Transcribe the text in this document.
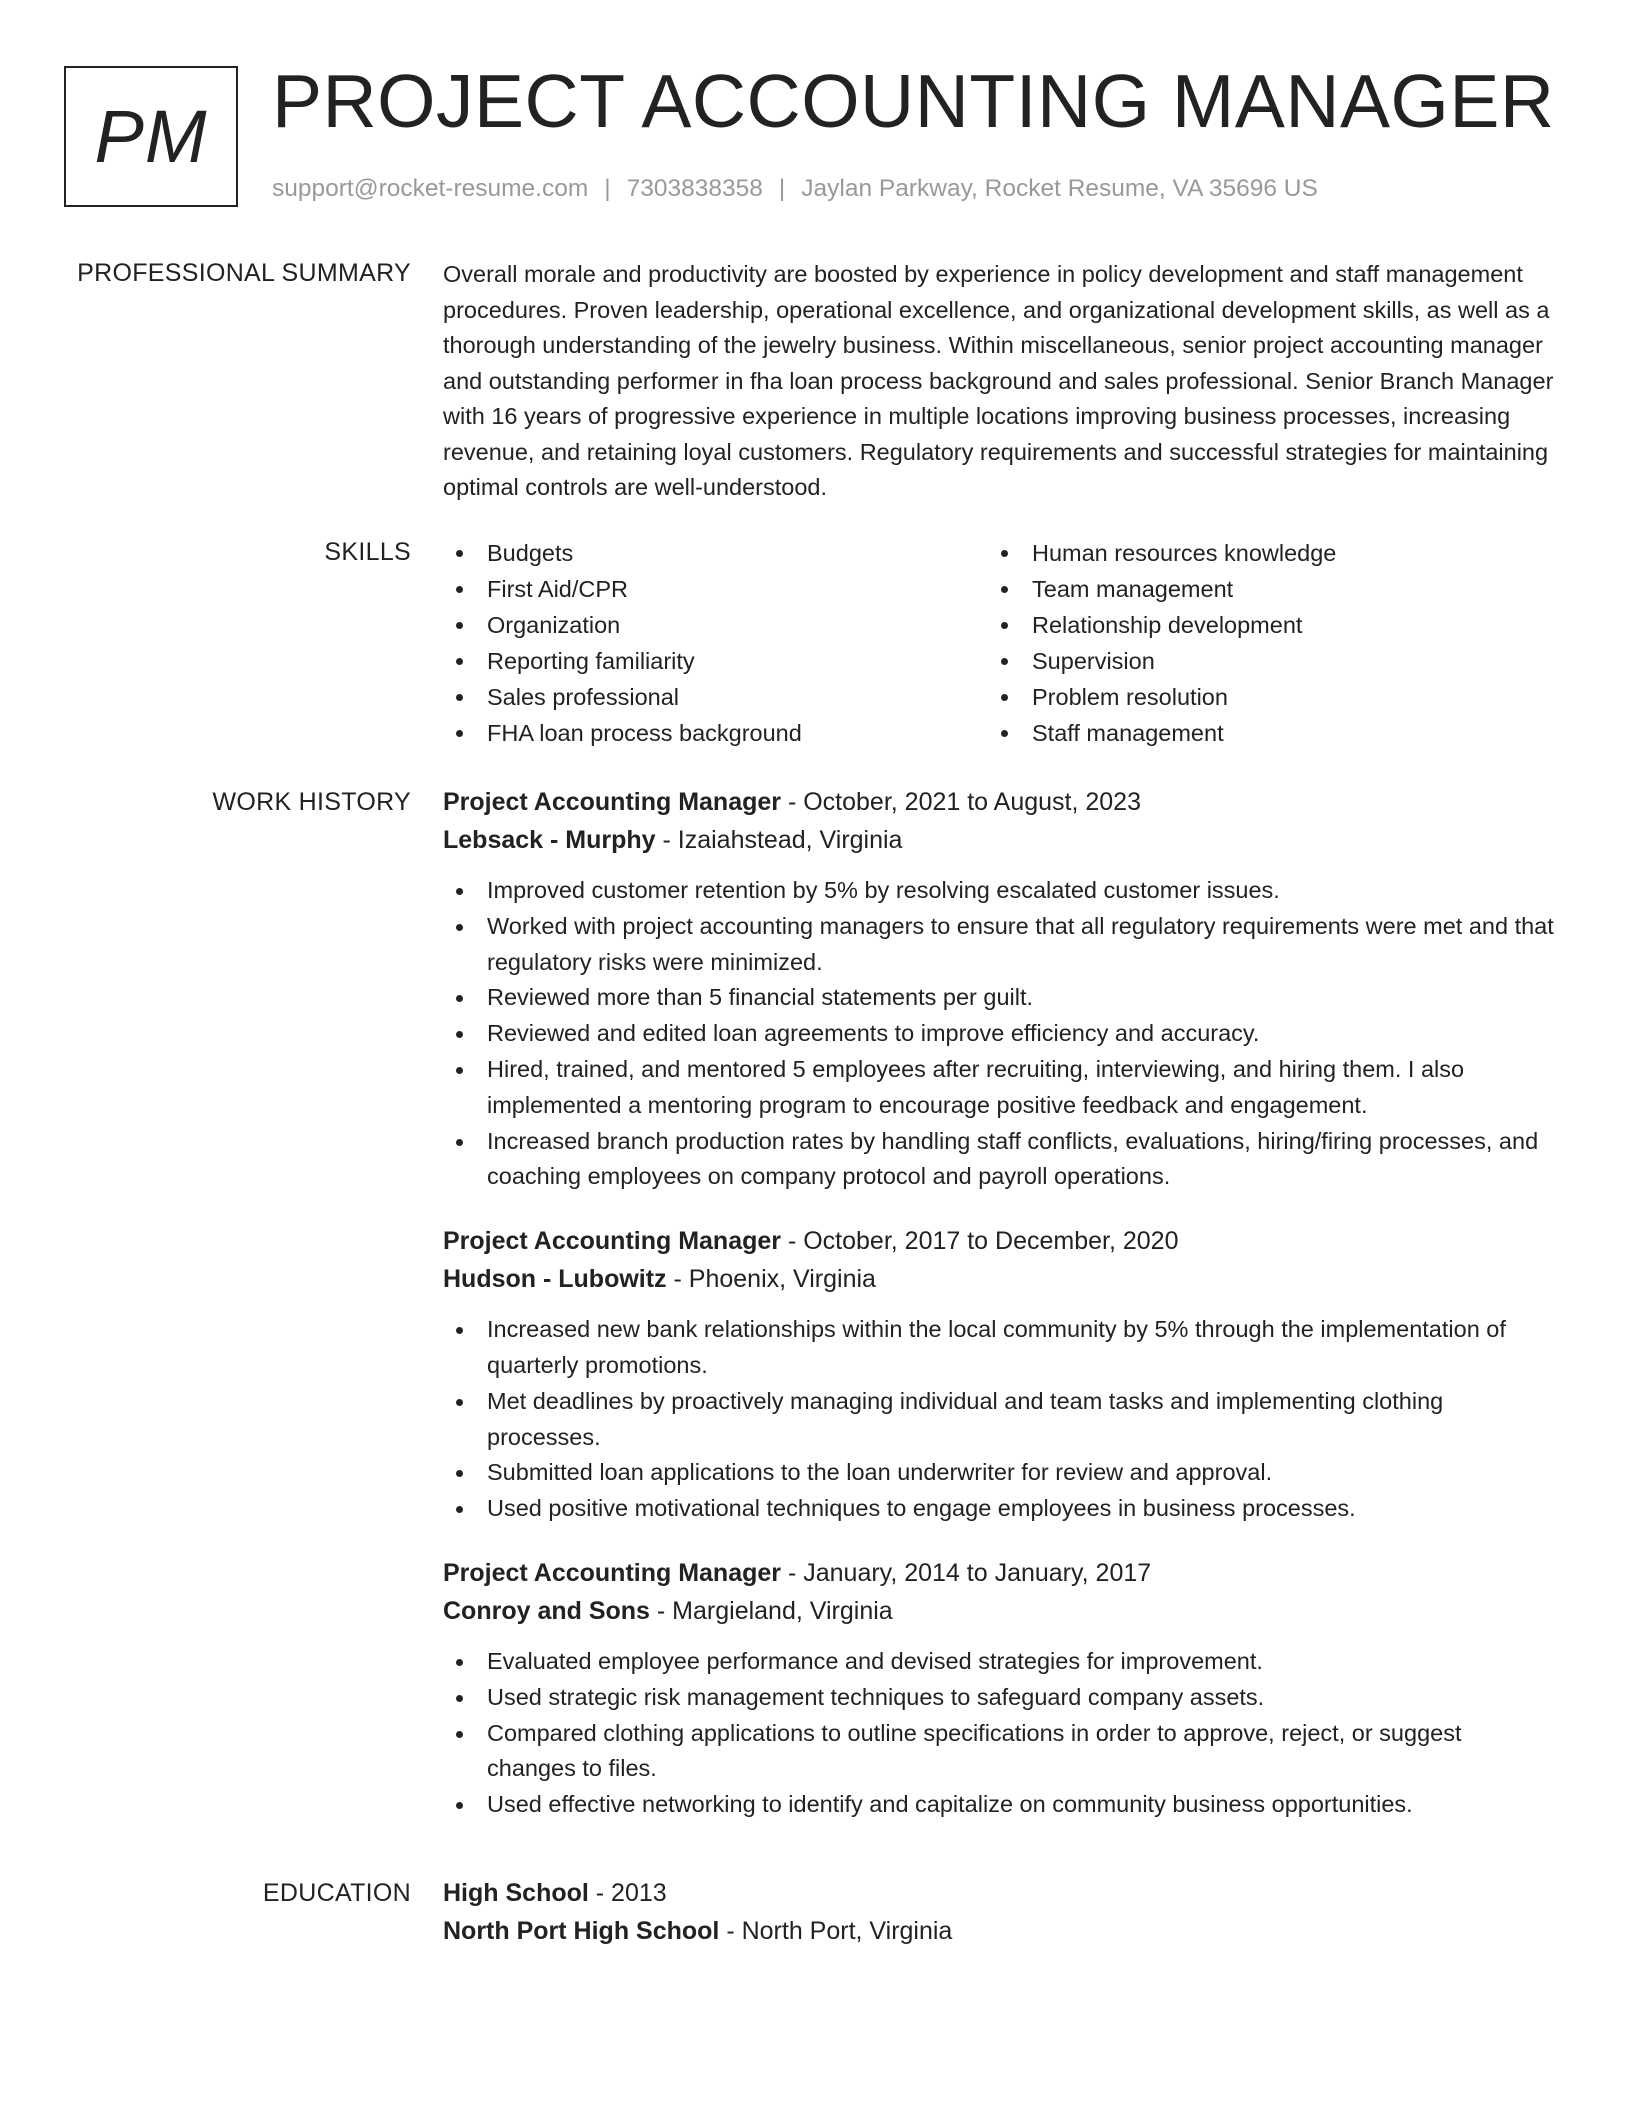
PM PROJECT ACCOUNTING MANAGER
support@rocket-resume.com | 7303838358 | Jaylan Parkway, Rocket Resume, VA 35696 US
PROFESSIONAL SUMMARY Overall morale and productivity are boosted by experience in policy development and staff management procedures. Proven leadership, operational excellence, and organizational development skills, as well as a thorough understanding of the jewelry business. Within miscellaneous, senior project accounting manager and outstanding performer in fha loan process background and sales professional. Senior Branch Manager with 16 years of progressive experience in multiple locations improving business processes, increasing revenue, and retaining loyal customers. Regulatory requirements and successful strategies for maintaining optimal controls are well-understood.

SKILLS	Budgets
First Aid/CPR
Organization
Reporting familiarity
Sales professional
FHA loan process background
Human resources knowledge
Team management
Relationship development
Supervision
Problem resolution
Staff management
WORK HISTORY Project Accounting Manager - October, 2021 to August, 2023
Lebsack - Murphy - Izaiahstead, Virginia
Improved customer retention by 5% by resolving escalated customer issues.
Worked with project accounting managers to ensure that all regulatory requirements were met and that regulatory risks were minimized.
Reviewed more than 5 financial statements per guilt.
Reviewed and edited loan agreements to improve efficiency and accuracy.
Hired, trained, and mentored 5 employees after recruiting, interviewing, and hiring them. I also implemented a mentoring program to encourage positive feedback and engagement.
Increased branch production rates by handling staff conflicts, evaluations, hiring/firing processes, and coaching employees on company protocol and payroll operations.
Project Accounting Manager - October, 2017 to December, 2020
Hudson - Lubowitz - Phoenix, Virginia
Increased new bank relationships within the local community by 5% through the implementation of quarterly promotions.
Met deadlines by proactively managing individual and team tasks and implementing clothing processes.
Submitted loan applications to the loan underwriter for review and approval.
Used positive motivational techniques to engage employees in business processes.
Project Accounting Manager - January, 2014 to January, 2017
Conroy and Sons - Margieland, Virginia
Evaluated employee performance and devised strategies for improvement.
Used strategic risk management techniques to safeguard company assets.
Compared clothing applications to outline specifications in order to approve, reject, or suggest changes to files.
Used effective networking to identify and capitalize on community business opportunities.
EDUCATION High School - 2013
North Port High School - North Port, Virginia
